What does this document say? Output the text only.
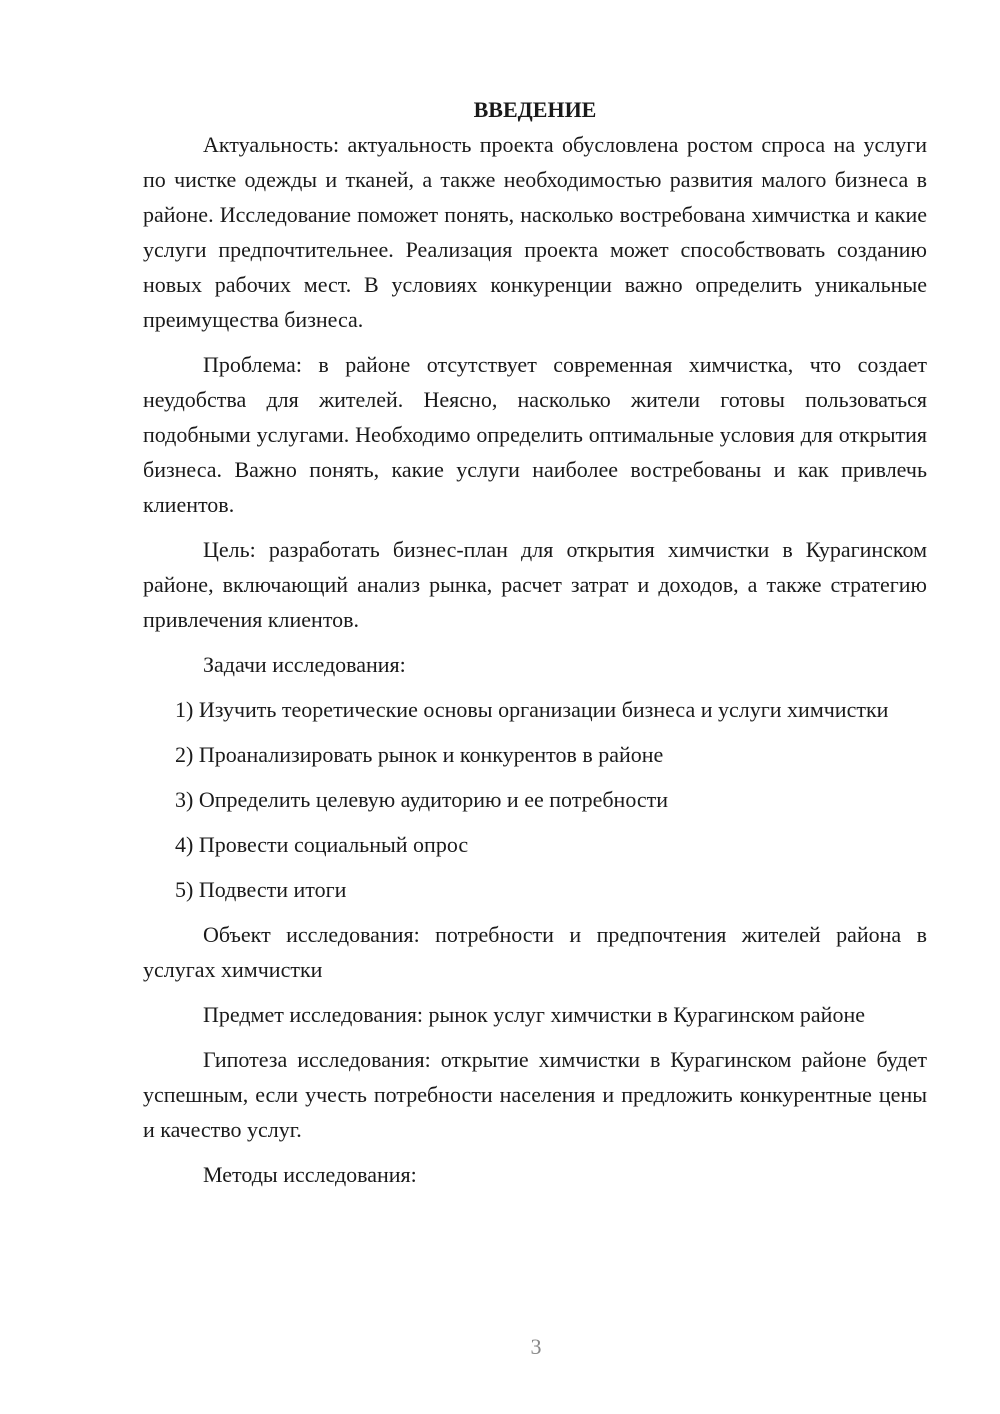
ВВЕДЕНИЕ

Актуальность: актуальность проекта обусловлена ростом спроса на услуги по чистке одежды и тканей, а также необходимостью развития малого бизнеса в районе. Исследование поможет понять, насколько востребована химчистка и какие услуги предпочтительнее. Реализация проекта может способствовать созданию новых рабочих мест. В условиях конкуренции важно определить уникальные преимущества бизнеса.

Проблема: в районе отсутствует современная химчистка, что создает неудобства для жителей. Неясно, насколько жители готовы пользоваться подобными услугами. Необходимо определить оптимальные условия для открытия бизнеса. Важно понять, какие услуги наиболее востребованы и как привлечь клиентов.

Цель: разработать бизнес-план для открытия химчистки в Курагинском районе, включающий анализ рынка, расчет затрат и доходов, а также стратегию привлечения клиентов.

Задачи исследования:

1) Изучить теоретические основы организации бизнеса и услуги химчистки

2) Проанализировать рынок и конкурентов в районе

3) Определить целевую аудиторию и ее потребности

4) Провести социальный опрос

5) Подвести итоги

Объект исследования: потребности и предпочтения жителей района в услугах химчистки

Предмет исследования: рынок услуг химчистки в Курагинском районе

Гипотеза исследования: открытие химчистки в Курагинском районе будет успешным, если учесть потребности населения и предложить конкурентные цены и качество услуг.

Методы исследования:

3
